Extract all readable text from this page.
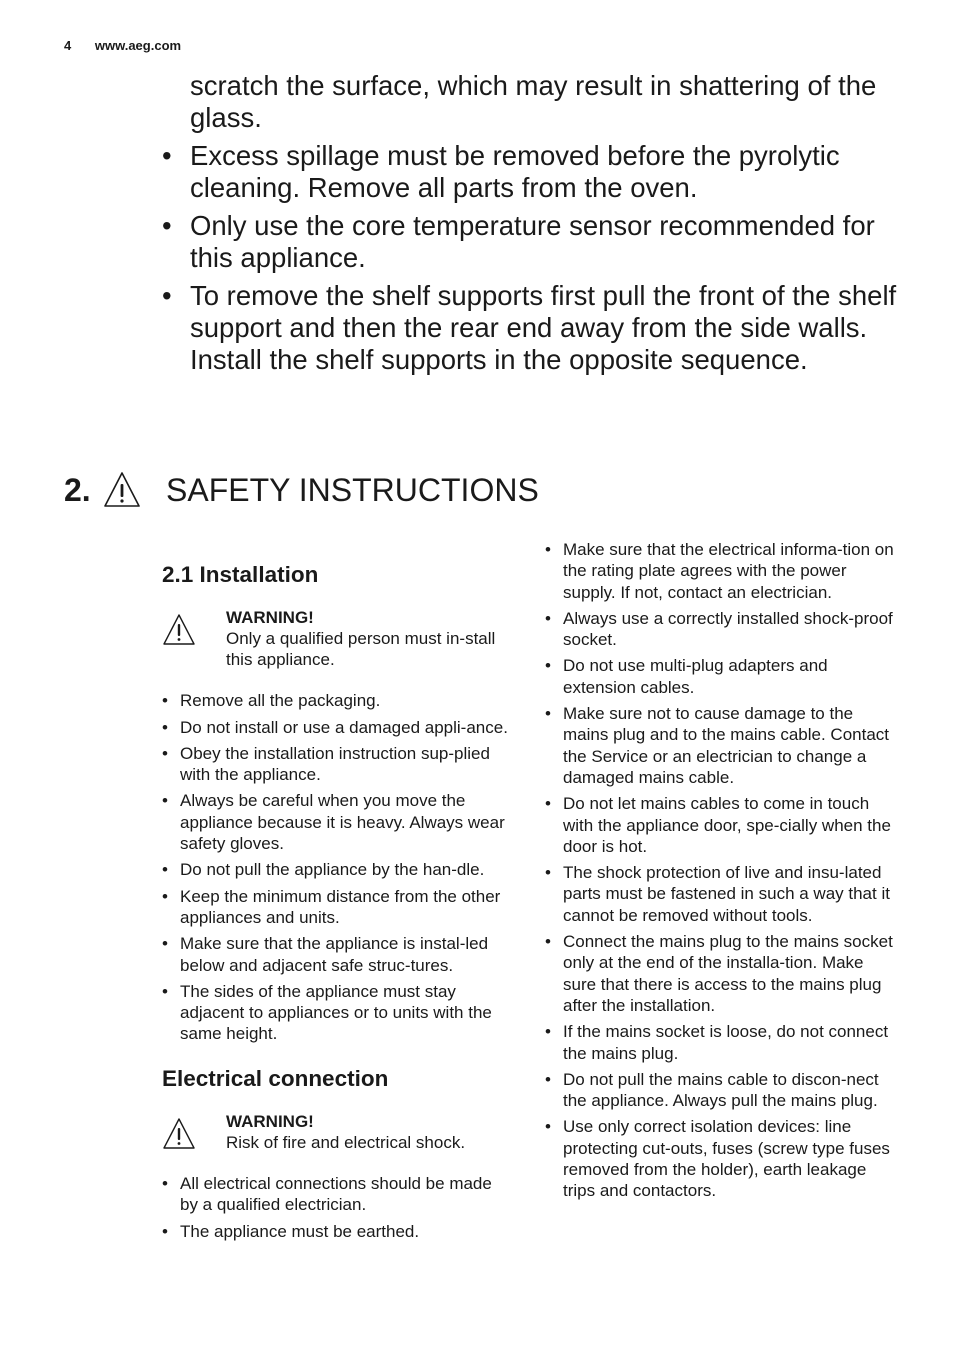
4 www.aeg.com
scratch the surface, which may result in shattering of the glass.
• Excess spillage must be removed before the pyrolytic cleaning. Remove all parts from the oven.
• Only use the core temperature sensor recommended for this appliance.
• To remove the shelf supports first pull the front of the shelf support and then the rear end away from the side walls. Install the shelf supports in the opposite sequence.
2.	SAFETY INSTRUCTIONS
2.1 Installation
WARNING!
Only a qualified person must in-stall this appliance.
• Remove all the packaging.
• Do not install or use a damaged appli-ance.
• Obey the installation instruction sup-plied with the appliance.
• Always be careful when you move the appliance because it is heavy. Always wear safety gloves.
• Do not pull the appliance by the han-dle.
• Keep the minimum distance from the other appliances and units.
• Make sure that the appliance is instal-led below and adjacent safe struc-tures.
• The sides of the appliance must stay adjacent to appliances or to units with the same height.
Electrical connection
WARNING!
Risk of fire and electrical shock.
• All electrical connections should be made by a qualified electrician.
• The appliance must be earthed.
• Make sure that the electrical informa-tion on the rating plate agrees with the power supply. If not, contact an electrician.
• Always use a correctly installed shock-proof socket.
• Do not use multi-plug adapters and extension cables.
• Make sure not to cause damage to the mains plug and to the mains cable. Contact the Service or an electrician to change a damaged mains cable.
• Do not let mains cables to come in touch with the appliance door, spe-cially when the door is hot.
• The shock protection of live and insu-lated parts must be fastened in such a way that it cannot be removed without tools.
• Connect the mains plug to the mains socket only at the end of the installa-tion. Make sure that there is access to the mains plug after the installation.
• If the mains socket is loose, do not connect the mains plug.
• Do not pull the mains cable to discon-nect the appliance. Always pull the mains plug.
• Use only correct isolation devices: line protecting cut-outs, fuses (screw type fuses removed from the holder), earth leakage trips and contactors.
